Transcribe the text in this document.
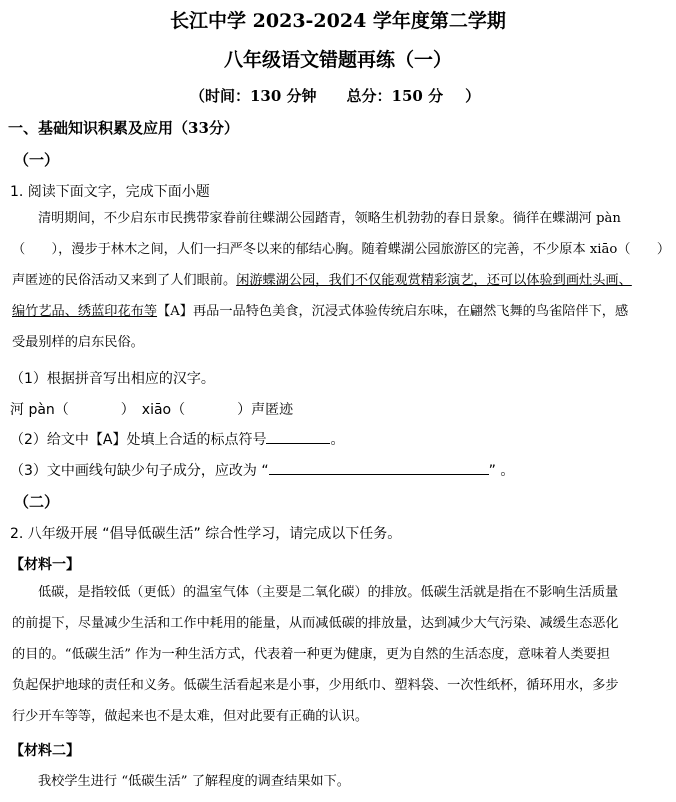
长江中学 2023-2024 学年度第二学期
八年级语文错题再练（一）
（时间：130 分钟 总分：150 分 ）
一、基础知识积累及应用（33分）
（一）
1. 阅读下面文字，完成下面小题
清明期间，不少启东市民携带家眷前往蝶湖公园踏青，领略生机勃勃的春日景象。徜徉在蝶湖河 pàn
（　　），漫步于林木之间，人们一扫严冬以来的郁结心胸。随着蝶湖公园旅游区的完善，不少原本 xiāo（　　）
声匿迹的民俗活动又来到了人们眼前。闲游蝶湖公园，我们不仅能观赏精彩演艺，还可以体验到画灶头画、
编竹艺品、绣蓝印花布等【A】再品一品特色美食，沉浸式体验传统启东味，在翩然飞舞的鸟雀陪伴下，感
受最别样的启东民俗。
（1）根据拼音写出相应的汉字。
河 pàn（	）　xiāo（	）声匿迹
（2）给文中【A】处填上合适的标点符号	。
（3）文中画线句缺少句子成分，应改为 “	” 。
（二）
2. 八年级开展 “倡导低碳生活” 综合性学习，请完成以下任务。
【材料一】
低碳，是指较低（更低）的温室气体（主要是二氧化碳）的排放。低碳生活就是指在不影响生活质量
的前提下，尽量减少生活和工作中耗用的能量，从而减低碳的排放量，达到减少大气污染、减缓生态恶化
的目的。“低碳生活” 作为一种生活方式，代表着一种更为健康，更为自然的生活态度，意味着人类要担
负起保护地球的责任和义务。低碳生活看起来是小事，少用纸巾、塑料袋、一次性纸杯，循环用水，多步
行少开车等等，做起来也不是太难，但对此要有正确的认识。
【材料二】
我校学生进行 “低碳生活” 了解程度的调查结果如下。
